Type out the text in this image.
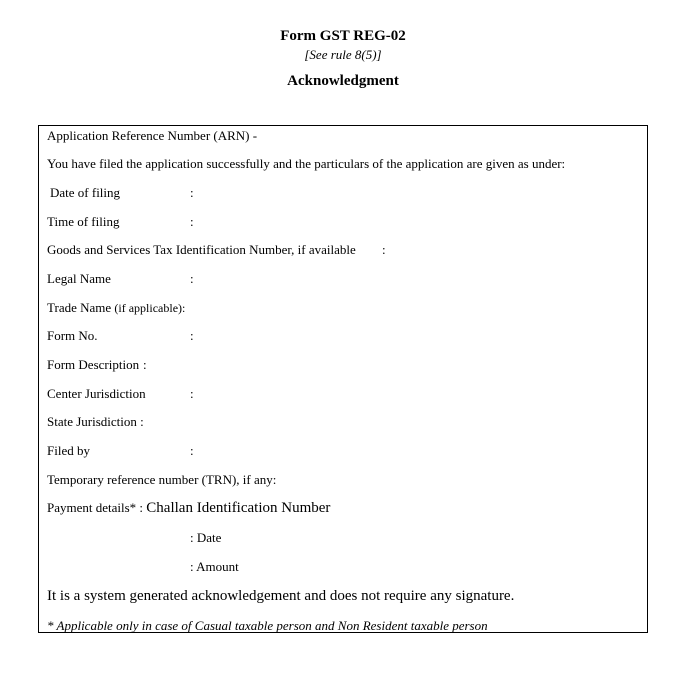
Form GST REG-02
[See rule 8(5)]
Acknowledgment
Application Reference Number (ARN) -
You have filed the application successfully and the particulars of the application are given as under:
Date of filing	:
Time of filing	:
Goods and Services Tax Identification Number, if available :
Legal Name	:
Trade Name (if applicable):
Form No.	:
Form Description :
Center Jurisdiction	:
State Jurisdiction :
Filed by	:
Temporary reference number (TRN), if any:
Payment details* : Challan Identification Number
: Date
: Amount
It is a system generated acknowledgement and does not require any signature.
* Applicable only in case of Casual taxable person and Non Resident taxable person
